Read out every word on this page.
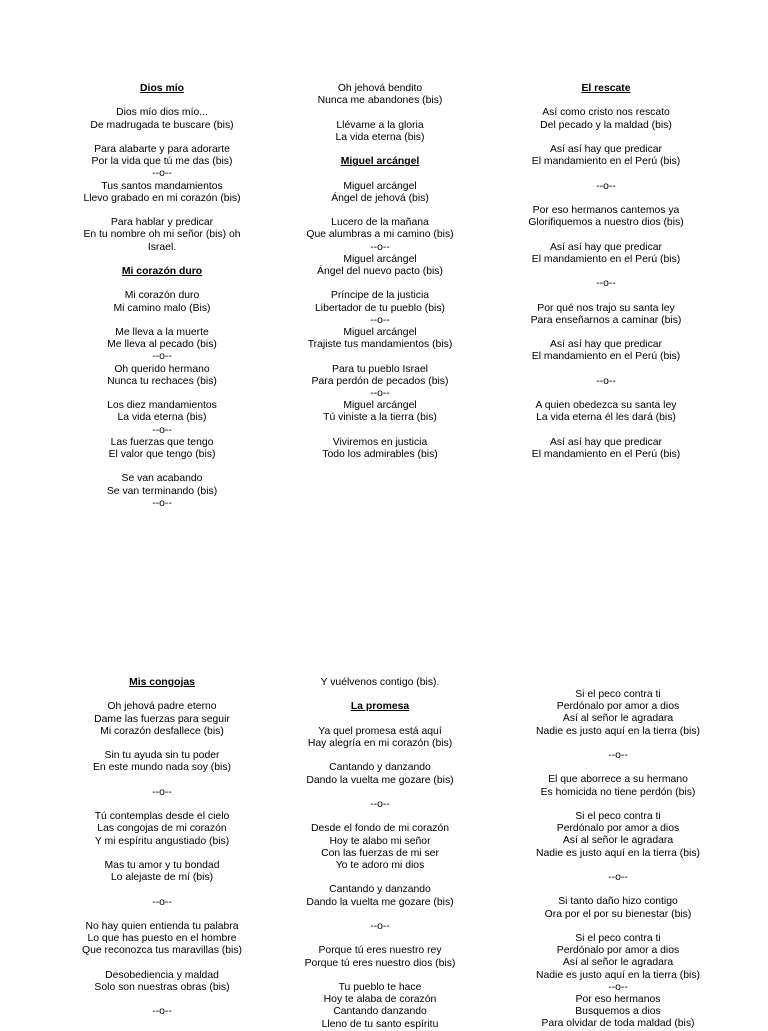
Dios mío
Dios mío dios mío...
De madrugada te buscare (bis)
Para alabarte y para adorarte
Por la vida que tú me das (bis)
--o--
Tus santos mandamientos
Llevo grabado en mi corazón (bis)
Para hablar y predicar
En tu nombre oh mi señor (bis) oh
Israel.
Mi corazón duro
Mi corazón duro
Mi camino malo (Bis)
Me lleva a la muerte
Me lleva al pecado (bis)
--o--
Oh querido hermano
Nunca tu rechaces (bis)
Los diez mandamientos
La vida eterna (bis)
--o--
Las fuerzas que tengo
El valor que tengo (bis)
Se van acabando
Se van terminando (bis)
--o--
Oh jehová bendito
Nunca me abandones (bis)
Llévame a la gloria
La vida eterna (bis)
Miguel arcángel
Miguel arcángel
Ángel de jehová (bis)
Lucero de la mañana
Que alumbras a mi camino (bis)
--o--
Miguel arcángel
Ángel del nuevo pacto (bis)
Príncipe de la justicia
Libertador de tu pueblo (bis)
--o--
Miguel arcángel
Trajiste tus mandamientos (bis)
Para tu pueblo Israel
Para perdón de pecados (bis)
--o--
Miguel arcángel
Tú viniste a la tierra (bis)
Viviremos en justicia
Todo los admirables (bis)
El rescate
Así como cristo nos rescato
Del pecado y la maldad (bis)
Así así hay que predicar
El mandamiento en el Perú (bis)
--o--
Por eso hermanos cantemos ya
Glorifiquemos a nuestro dios (bis)
Así así hay que predicar
El mandamiento en el Perú (bis)
--o--
Por qué nos trajo su santa ley
Para enseñarnos a caminar (bis)
Así así hay que predicar
El mandamiento en el Perú (bis)
--o--
A quien obedezca su santa ley
La vida eterna él les dará (bis)
Así así hay que predicar
El mandamiento en el Perú (bis)
Mis congojas
Oh jehová padre eterno
Dame las fuerzas para seguir
Mi corazón desfallece (bis)
Sin tu ayuda sin tu poder
En este mundo nada soy (bis)
--o--
Tú contemplas desde el cielo
Las congojas de mi corazón
Y mi espíritu angustiado (bis)
Mas tu amor y tu bondad
Lo alejaste de mí (bis)
--o--
No hay quien entienda tu palabra
Lo que has puesto en el hombre
Que reconozca tus maravillas (bis)
Desobediencia y maldad
Solo son nuestras obras (bis)
--o--
Y vuélvenos contigo (bis).
La promesa
Ya quel promesa está aquí
Hay alegría en mi corazón (bis)
Cantando y danzando
Dando la vuelta me gozare (bis)
--o--
Desde el fondo de mi corazón
Hoy te alabo mi señor
Con las fuerzas de mi ser
Yo te adoro mi dios
Cantando y danzando
Dando la vuelta me gozare (bis)
--o--
Porque tú eres nuestro rey
Porque tú eres nuestro dios (bis)
Tu pueblo te hace
Hoy te alaba de corazón
Cantando danzando
Lleno de tu santo espíritu
Si el peco contra ti
Perdónalo por amor a dios
Así al señor le agradara
Nadie es justo aquí en la tierra (bis)
--o--
El que aborrece a su hermano
Es homicida no tiene perdón (bis)
Si el peco contra ti
Perdónalo por amor a dios
Así al señor le agradara
Nadie es justo aquí en la tierra (bis)
--o--
Si tanto daño hizo contigo
Ora por el por su bienestar (bis)
Si el peco contra ti
Perdónalo por amor a dios
Así al señor le agradara
Nadie es justo aquí en la tierra (bis)
--o--
Por eso hermanos
Busquemos a dios
Para olvidar de toda maldad (bis)
